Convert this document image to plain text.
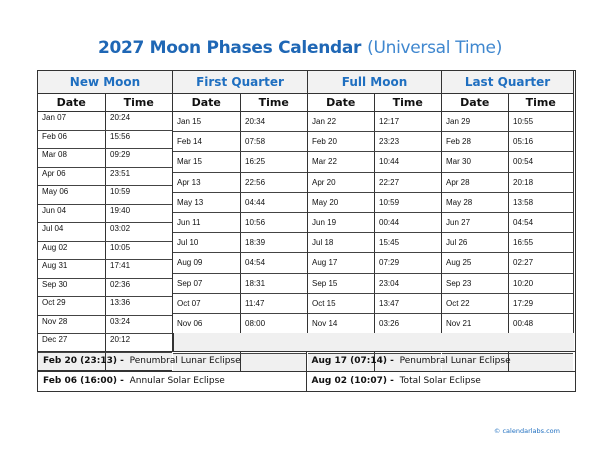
2027 Moon Phases Calendar (Universal Time)
New Moon
Date	Time
Jan 07	20:24
Feb 06	15:56
Mar 08	09:29
Apr 06	23:51
May 06	10:59
Jun 04	19:40
Jul 04	03:02
Aug 02	10:05
Aug 31	17:41
Sep 30	02:36
Oct 29	13:36
Nov 28	03:24
Dec 27	20:12
First Quarter
Date	Time
Jan 15	20:34
Feb 14	07:58
Mar 15	16:25
Apr 13	22:56
May 13	04:44
Jun 11	10:56
Jul 10	18:39
Aug 09	04:54
Sep 07	18:31
Oct 07	11:47
Nov 06	08:00
Full Moon
Date	Time
Jan 22	12:17
Feb 20	23:23
Mar 22	10:44
Apr 20	22:27
May 20	10:59
Jun 19	00:44
Jul 18	15:45
Aug 17	07:29
Sep 15	23:04
Oct 15	13:47
Nov 14	03:26
Last Quarter
Date	Time
Jan 29	10:55
Feb 28	05:16
Mar 30	00:54
Apr 28	20:18
May 28	13:58
Jun 27	04:54
Jul 26	16:55
Aug 25	02:27
Sep 23	10:20
Oct 22	17:29
Nov 21	00:48
Feb 20 (23:13) - Penumbral Lunar Eclipse	Aug 17 (07:14) - Penumbral Lunar Eclipse
Feb 06 (16:00) - Annular Solar Eclipse	Aug 02 (10:07) - Total Solar Eclipse
© calendarlabs.com
